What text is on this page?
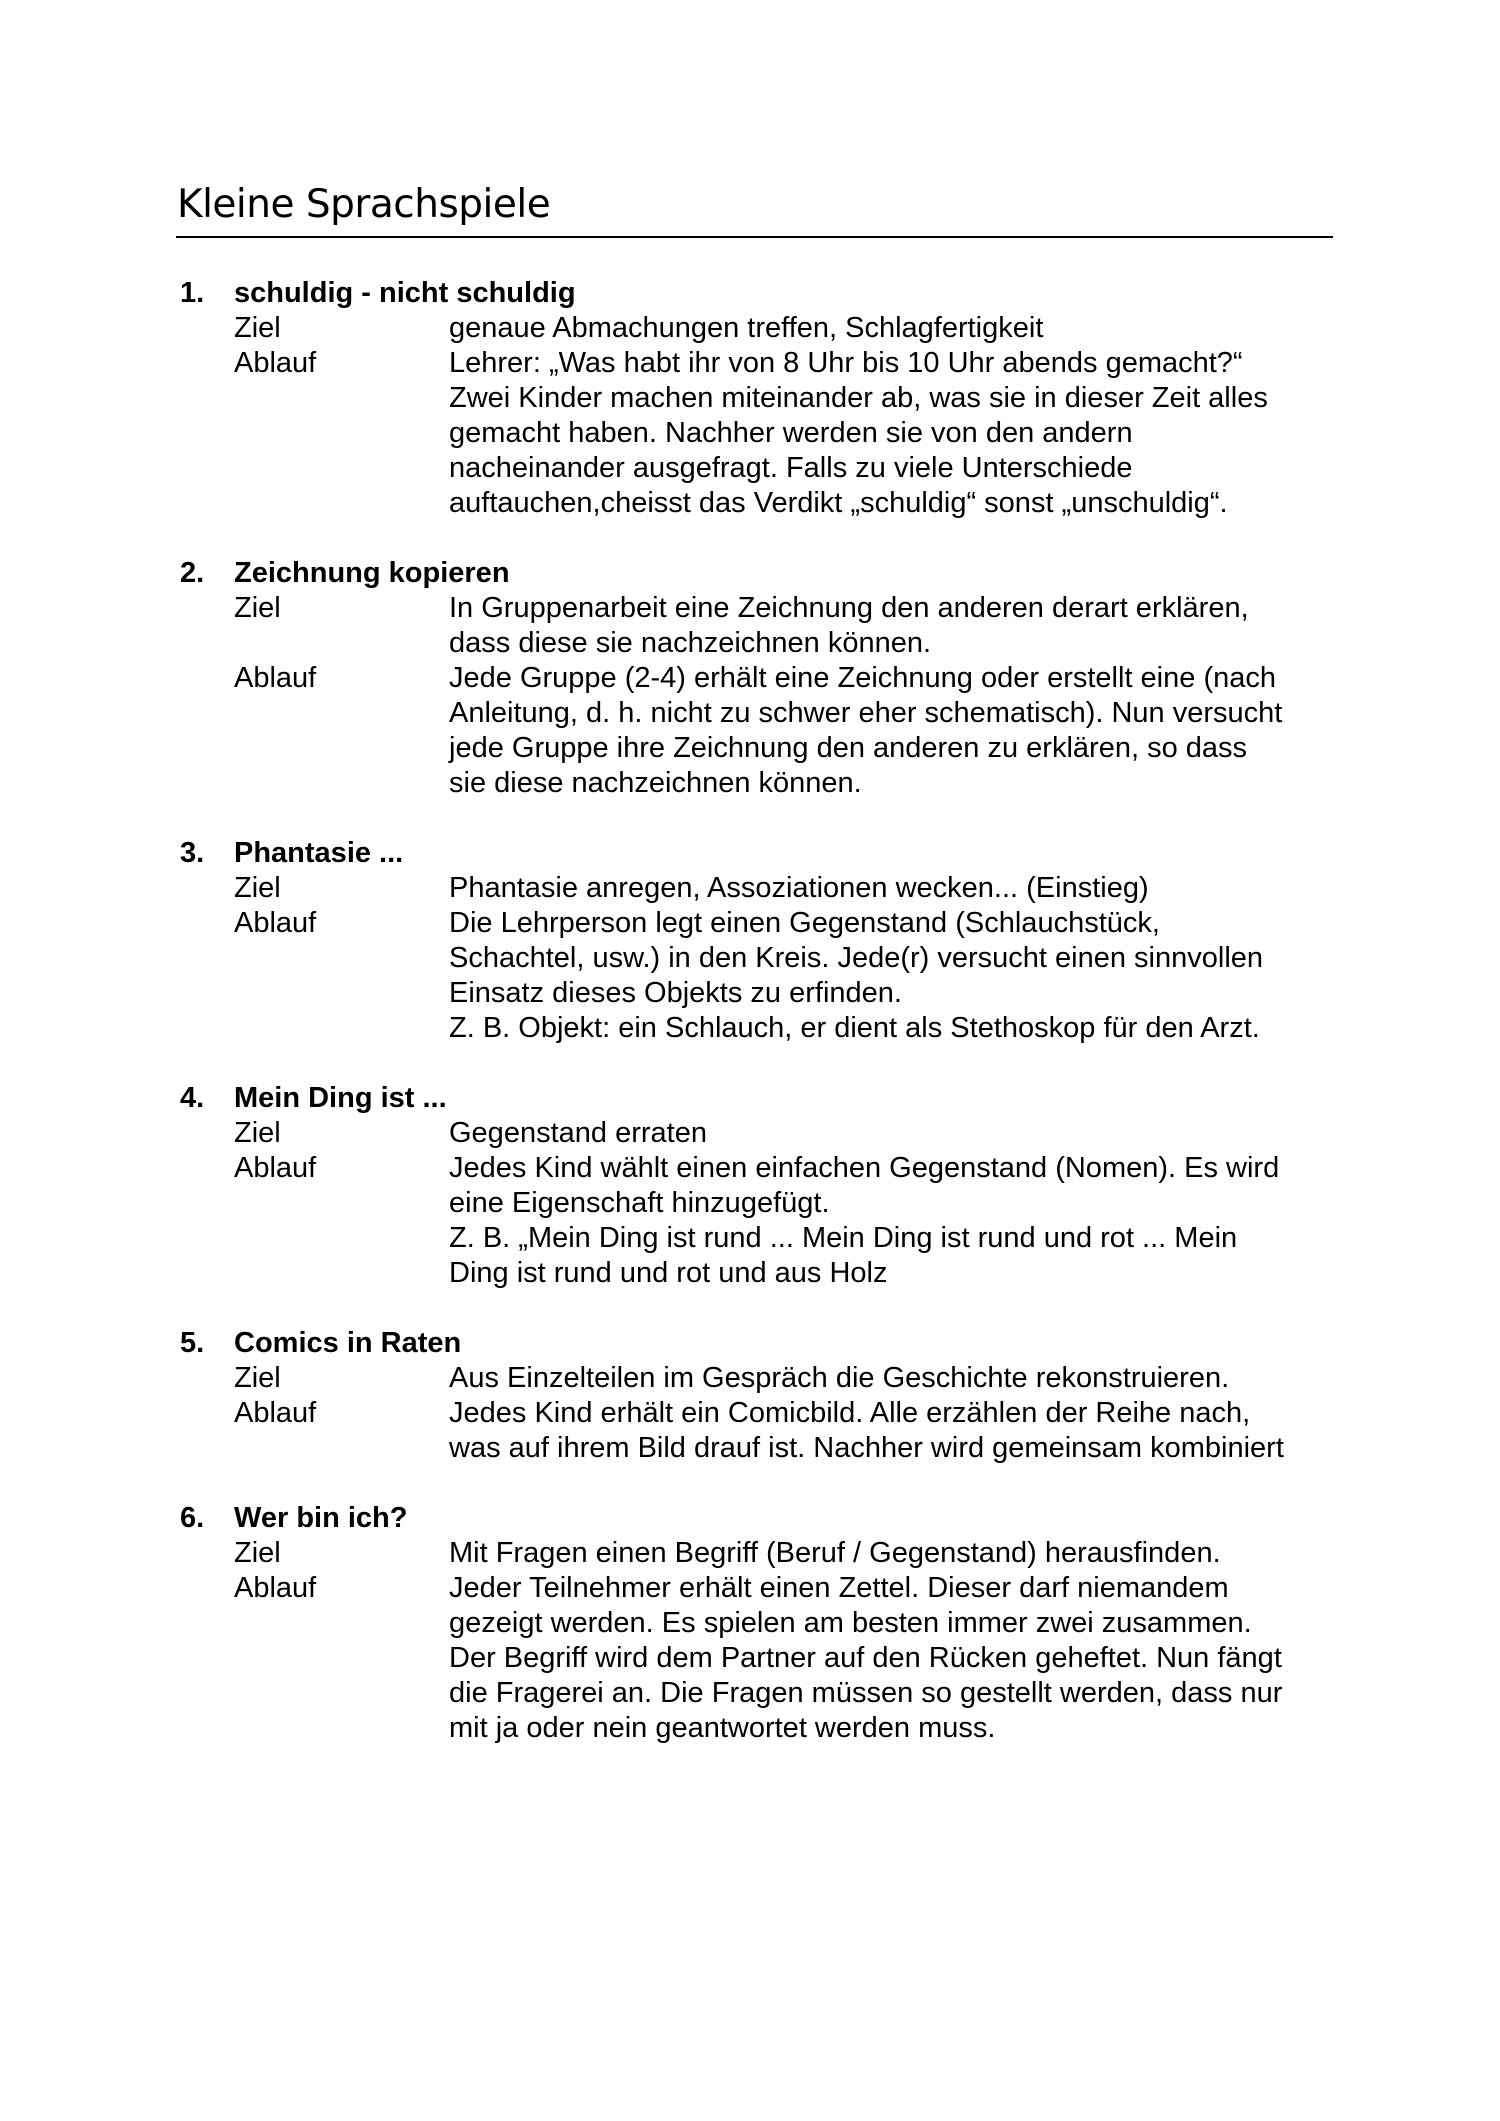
Kleine Sprachspiele
1.	schuldig - nicht schuldig
Ziel	genaue Abmachungen treffen, Schlagfertigkeit
Ablauf	Lehrer: „Was habt ihr von 8 Uhr bis 10 Uhr abends gemacht?“
Zwei Kinder machen miteinander ab, was sie in dieser Zeit alles
gemacht haben. Nachher werden sie von den andern
nacheinander ausgefragt. Falls zu viele Unterschiede
auftauchen,cheisst das Verdikt „schuldig“ sonst „unschuldig“.
2.	Zeichnung kopieren
Ziel	In Gruppenarbeit eine Zeichnung den anderen derart erklären,
dass diese sie nachzeichnen können.
Ablauf	Jede Gruppe (2-4) erhält eine Zeichnung oder erstellt eine (nach
Anleitung, d. h. nicht zu schwer eher schematisch). Nun versucht
jede Gruppe ihre Zeichnung den anderen zu erklären, so dass
sie diese nachzeichnen können.
3.	Phantasie ...
Ziel	Phantasie anregen, Assoziationen wecken... (Einstieg)
Ablauf	Die Lehrperson legt einen Gegenstand (Schlauchstück,
Schachtel, usw.) in den Kreis. Jede(r) versucht einen sinnvollen
Einsatz dieses Objekts zu erfinden.
Z. B. Objekt: ein Schlauch, er dient als Stethoskop für den Arzt.
4.	Mein Ding ist ...
Ziel	Gegenstand erraten
Ablauf	Jedes Kind wählt einen einfachen Gegenstand (Nomen). Es wird
eine Eigenschaft hinzugefügt.
Z. B. „Mein Ding ist rund ... Mein Ding ist rund und rot ... Mein
Ding ist rund und rot und aus Holz
5.	Comics in Raten
Ziel	Aus Einzelteilen im Gespräch die Geschichte rekonstruieren.
Ablauf	Jedes Kind erhält ein Comicbild. Alle erzählen der Reihe nach,
was auf ihrem Bild drauf ist. Nachher wird gemeinsam kombiniert
6.	Wer bin ich?
Ziel	Mit Fragen einen Begriff (Beruf / Gegenstand) herausfinden.
Ablauf	Jeder Teilnehmer erhält einen Zettel. Dieser darf niemandem
gezeigt werden. Es spielen am besten immer zwei zusammen.
Der Begriff wird dem Partner auf den Rücken geheftet. Nun fängt
die Fragerei an. Die Fragen müssen so gestellt werden, dass nur
mit ja oder nein geantwortet werden muss.
